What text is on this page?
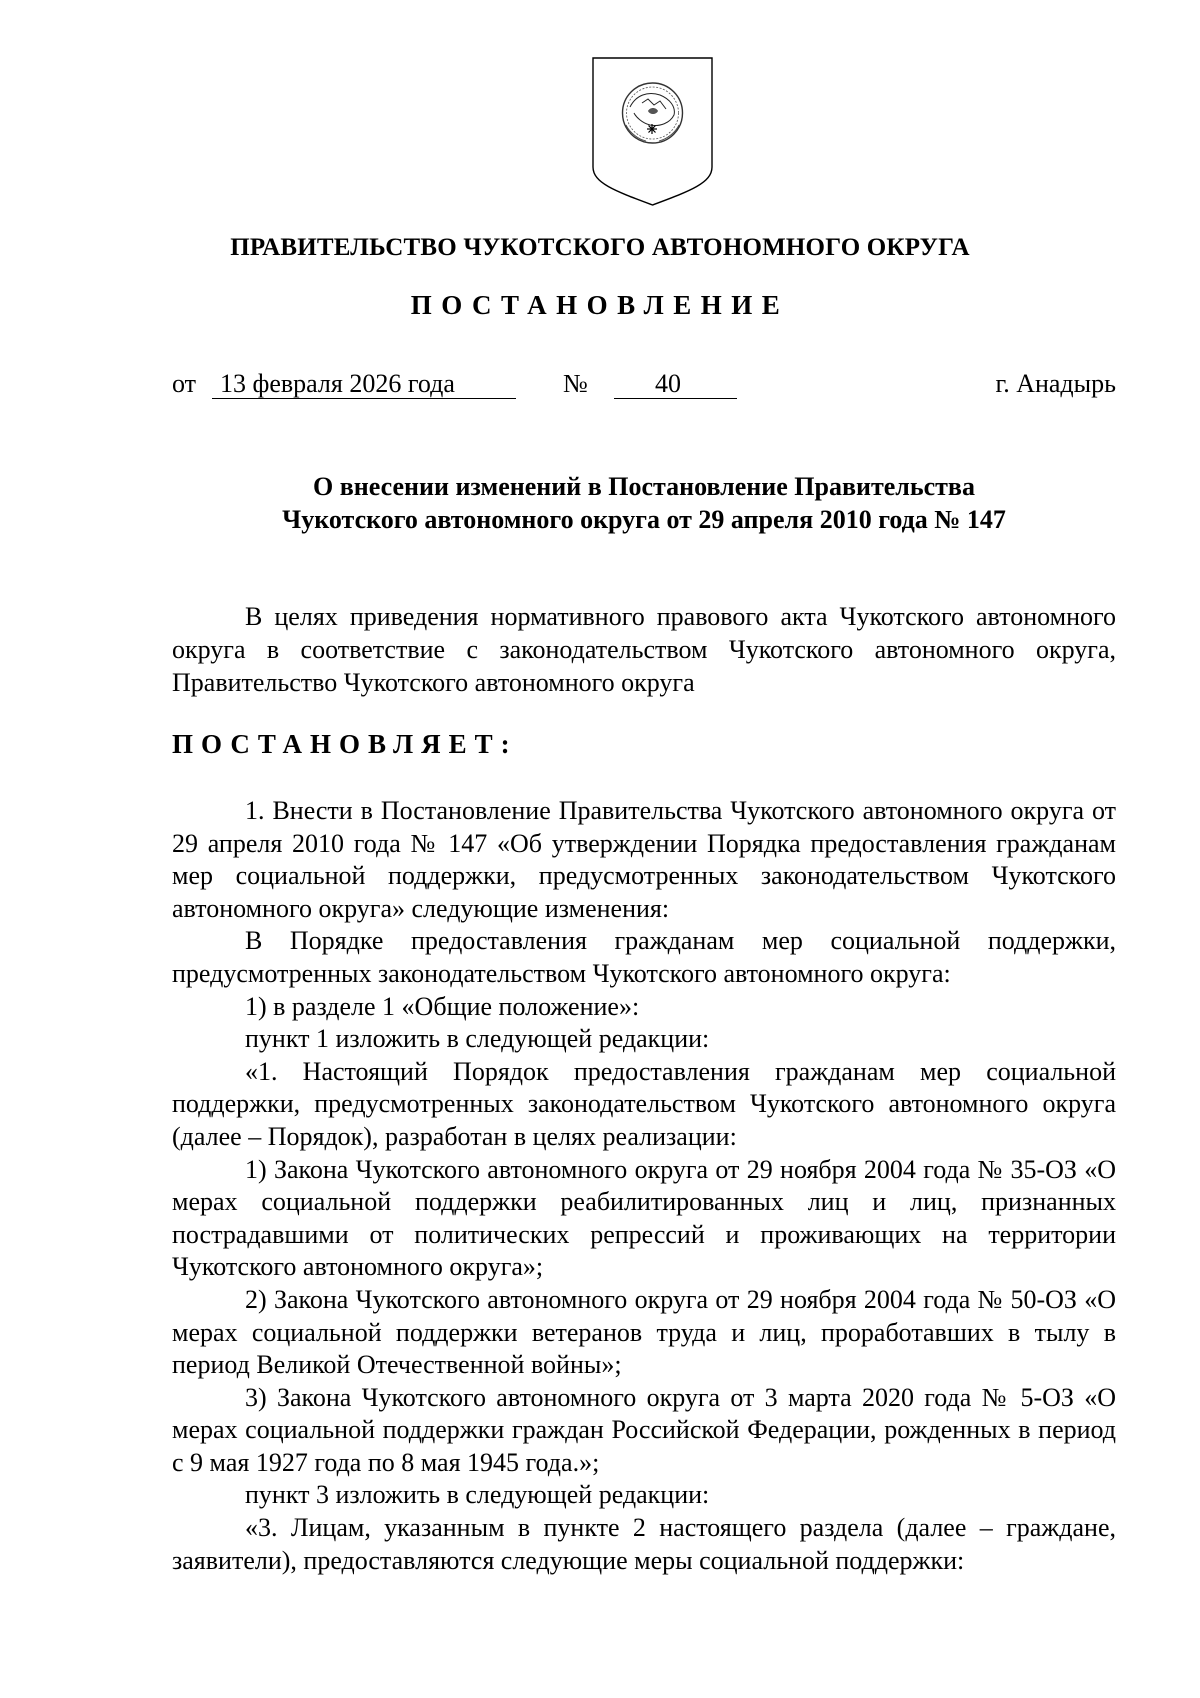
ПРАВИТЕЛЬСТВО ЧУКОТСКОГО АВТОНОМНОГО ОКРУГА
ПОСТАНОВЛЕНИЕ
от 13 февраля 2026 года	№	40	г. Анадырь
О внесении изменений в Постановление Правительства
Чукотского автономного округа от 29 апреля 2010 года № 147

В целях приведения нормативного правового акта Чукотского автономного округа в соответствие с законодательством Чукотского автономного округа, Правительство Чукотского автономного округа

ПОСТАНОВЛЯЕТ:

1. Внести в Постановление Правительства Чукотского автономного округа от 29 апреля 2010 года № 147 «Об утверждении Порядка предоставления гражданам мер социальной поддержки, предусмотренных законодательством Чукотского автономного округа» следующие изменения:

В Порядке предоставления гражданам мер социальной поддержки, предусмотренных законодательством Чукотского автономного округа:

1) в разделе 1 «Общие положение»:

пункт 1 изложить в следующей редакции:

«1. Настоящий Порядок предоставления гражданам мер социальной поддержки, предусмотренных законодательством Чукотского автономного округа (далее – Порядок), разработан в целях реализации:

1) Закона Чукотского автономного округа от 29 ноября 2004 года № 35-ОЗ «О мерах социальной поддержки реабилитированных лиц и лиц, признанных пострадавшими от политических репрессий и проживающих на территории Чукотского автономного округа»;

2) Закона Чукотского автономного округа от 29 ноября 2004 года № 50-ОЗ «О мерах социальной поддержки ветеранов труда и лиц, проработавших в тылу в период Великой Отечественной войны»;

3) Закона Чукотского автономного округа от 3 марта 2020 года № 5-ОЗ «О мерах социальной поддержки граждан Российской Федерации, рожденных в период с 9 мая 1927 года по 8 мая 1945 года.»;

пункт 3 изложить в следующей редакции:

«3. Лицам, указанным в пункте 2 настоящего раздела (далее – граждане, заявители), предоставляются следующие меры социальной поддержки:
